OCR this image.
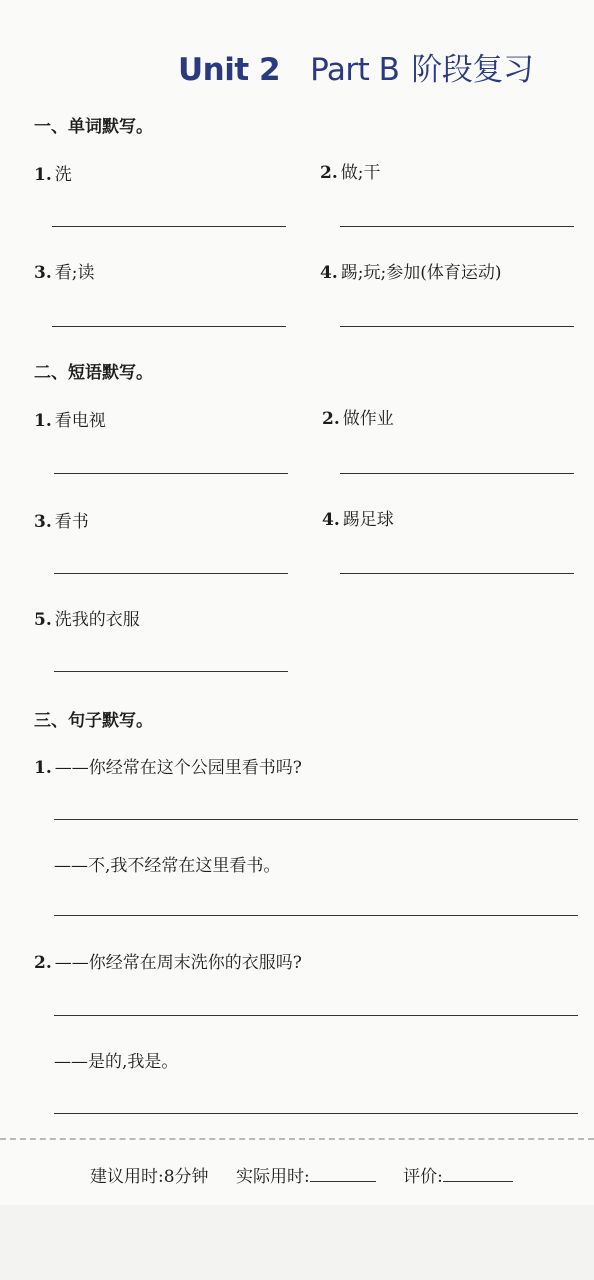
Unit 2 Part B 阶段复习
一、单词默写。
1. 洗	2. 做;干
3. 看;读	4. 踢;玩;参加(体育运动)
二、短语默写。
1. 看电视	2. 做作业
3. 看书	4. 踢足球
5. 洗我的衣服
三、句子默写。
1. ——你经常在这个公园里看书吗?
——不,我不经常在这里看书。
2. ——你经常在周末洗你的衣服吗?
——是的,我是。
建议用时:8分钟 实际用时:	评价:
